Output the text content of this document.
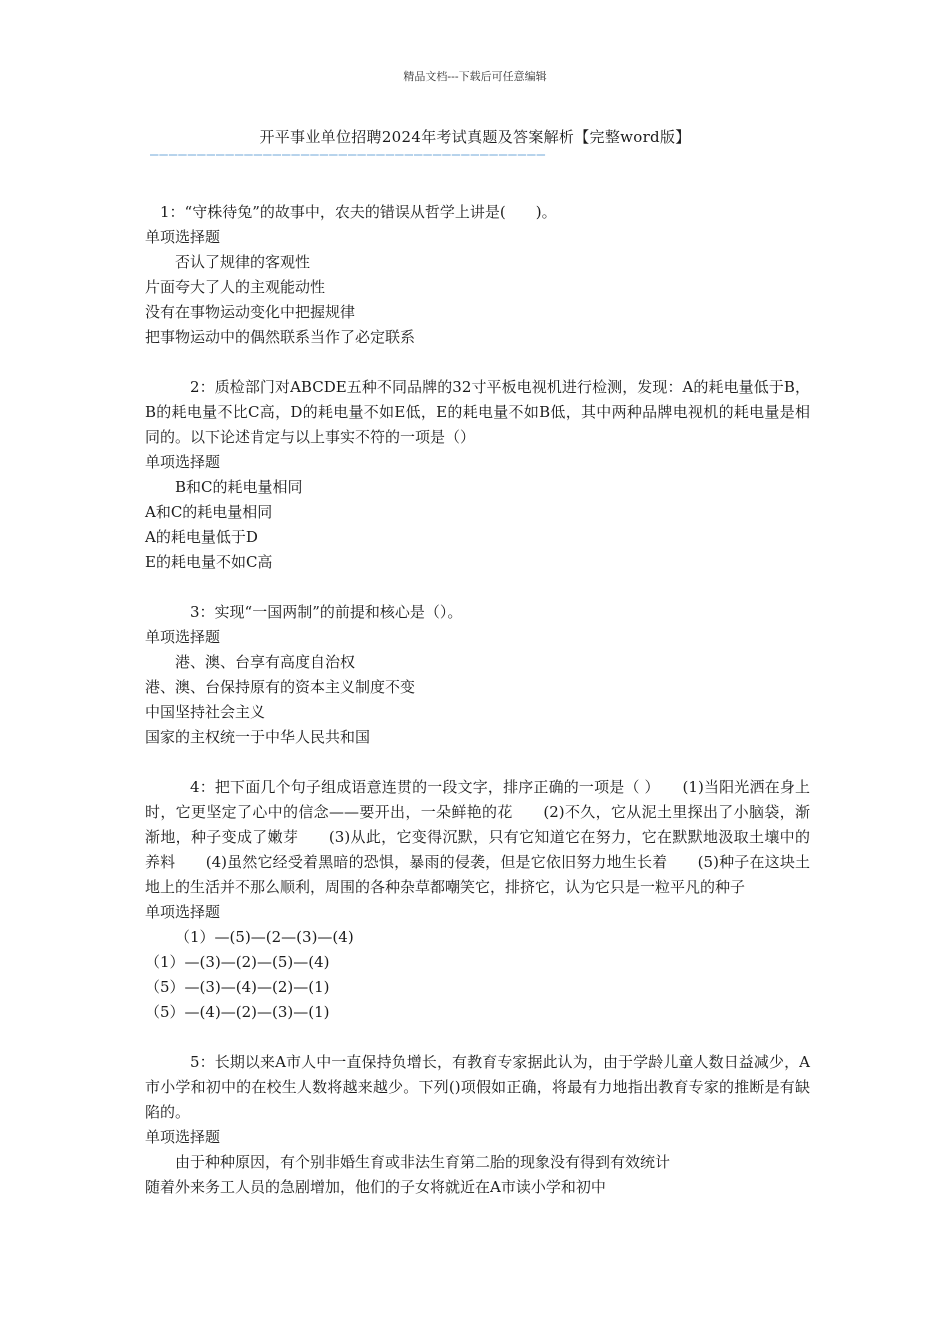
精品文档---下载后可任意编辑
开平事业单位招聘2024年考试真题及答案解析【完整word版】
——————————————————————————————————————————
1：“守株待兔”的故事中，农夫的错误从哲学上讲是(　　)。
单项选择题
否认了规律的客观性
片面夸大了人的主观能动性
没有在事物运动变化中把握规律
把事物运动中的偶然联系当作了必定联系
2：质检部门对ABCDE五种不同品牌的32寸平板电视机进行检测，发现：A的耗电量低于B，B的耗电量不比C高，D的耗电量不如E低，E的耗电量不如B低，其中两种品牌电视机的耗电量是相同的。以下论述肯定与以上事实不符的一项是（）
单项选择题
B和C的耗电量相同
A和C的耗电量相同
A的耗电量低于D
E的耗电量不如C高
3：实现“一国两制”的前提和核心是（）。
单项选择题
港、澳、台享有高度自治权
港、澳、台保持原有的资本主义制度不变
中国坚持社会主义
国家的主权统一于中华人民共和国
4：把下面几个句子组成语意连贯的一段文字，排序正确的一项是（ ）　　(1)当阳光洒在身上时，它更坚定了心中的信念——要开出，一朵鲜艳的花　　(2)不久，它从泥土里探出了小脑袋，渐渐地，种子变成了嫩芽　　(3)从此，它变得沉默，只有它知道它在努力，它在默默地汲取土壤中的养料　　(4)虽然它经受着黑暗的恐惧，暴雨的侵袭，但是它依旧努力地生长着　　(5)种子在这块土地上的生活并不那么顺利，周围的各种杂草都嘲笑它，排挤它，认为它只是一粒平凡的种子
单项选择题
（1）—(5)—(2—(3)—(4)
（1）—(3)—(2)—(5)—(4)
（5）—(3)—(4)—(2)—(1)
（5）—(4)—(2)—(3)—(1)
5：长期以来A市人中一直保持负增长，有教育专家据此认为，由于学龄儿童人数日益减少，A市小学和初中的在校生人数将越来越少。下列()项假如正确，将最有力地指出教育专家的推断是有缺陷的。
单项选择题
由于种种原因，有个别非婚生育或非法生育第二胎的现象没有得到有效统计
随着外来务工人员的急剧增加，他们的子女将就近在A市读小学和初中
